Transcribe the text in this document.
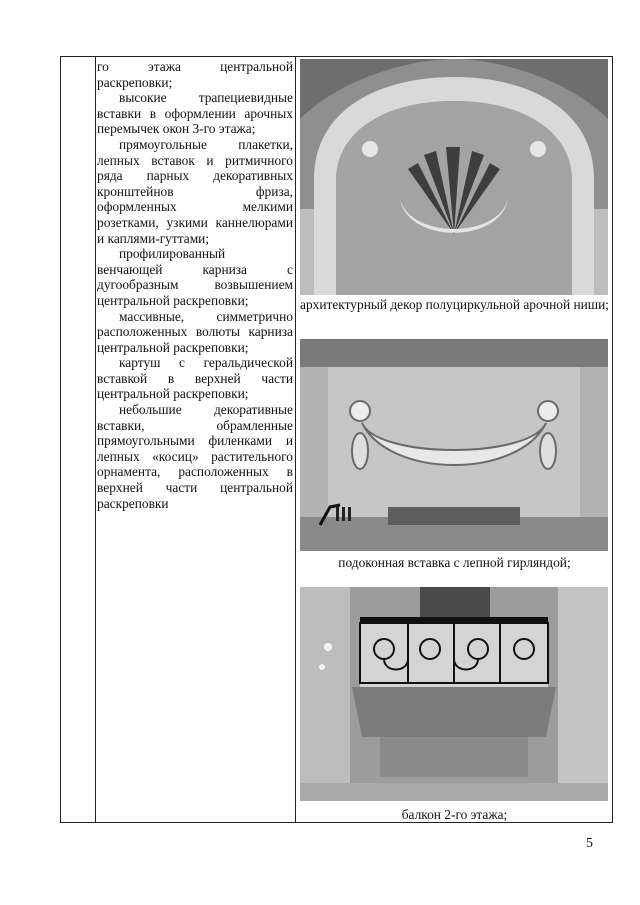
го этажа центральной раскреповки;

высокие трапециевидные вставки в оформлении арочных перемычек окон 3-го этажа;

прямоугольные плакетки, лепных вставок и ритмичного ряда парных декоративных кронштейнов фриза, оформленных мелкими розетками, узкими каннелюрами и каплями-гуттами;

профилированный венчающей карниза с дугообразным возвышением центральной раскреповки;

массивные, симметрично расположенных волюты карниза центральной раскреповки;

картуш с геральдической вставкой в верхней части центральной раскреповки;

небольшие декоративные вставки, обрамленные прямоугольными филенками и лепных «косиц» растительного орнамента, расположенных в верхней части центральной раскреповки

архитектурный декор полуциркульной арочной ниши;
подоконная вставка с лепной гирляндой;
балкон 2-го этажа;
5
